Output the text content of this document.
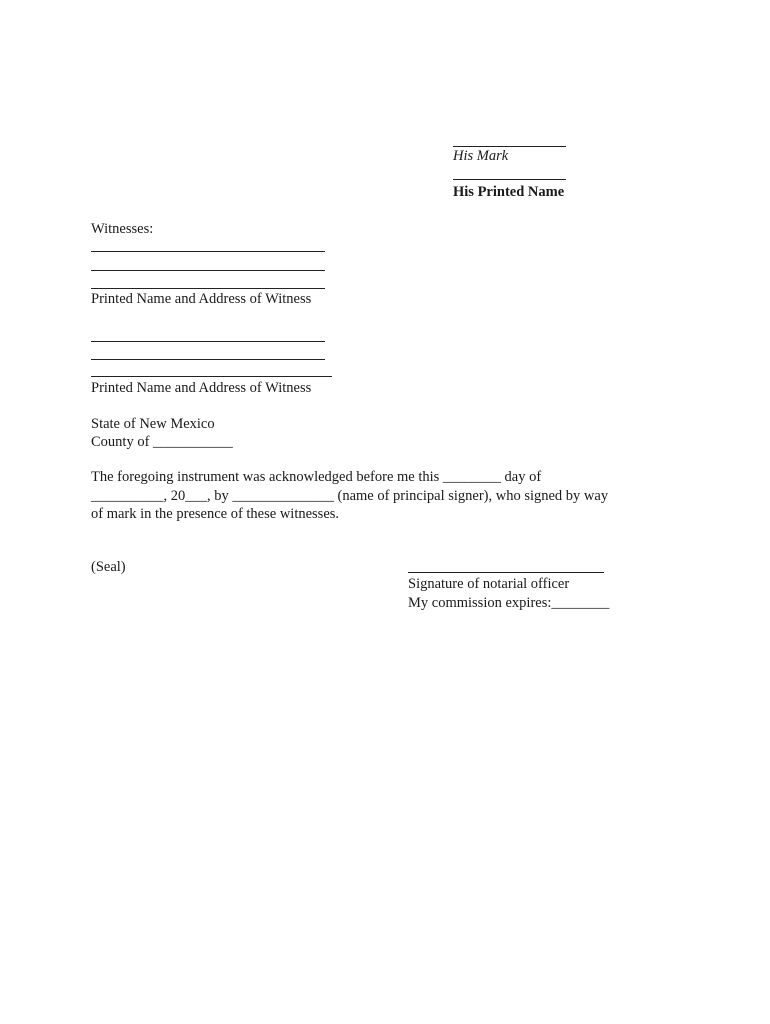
His Mark
His Printed Name
Witnesses:
Printed Name and Address of Witness
Printed Name and Address of Witness
State of New Mexico
County of ___________
The foregoing instrument was acknowledged before me this ________ day of
__________, 20___, by ______________ (name of principal signer), who signed by way
of mark in the presence of these witnesses.
(Seal)
Signature of notarial officer
My commission expires:________
